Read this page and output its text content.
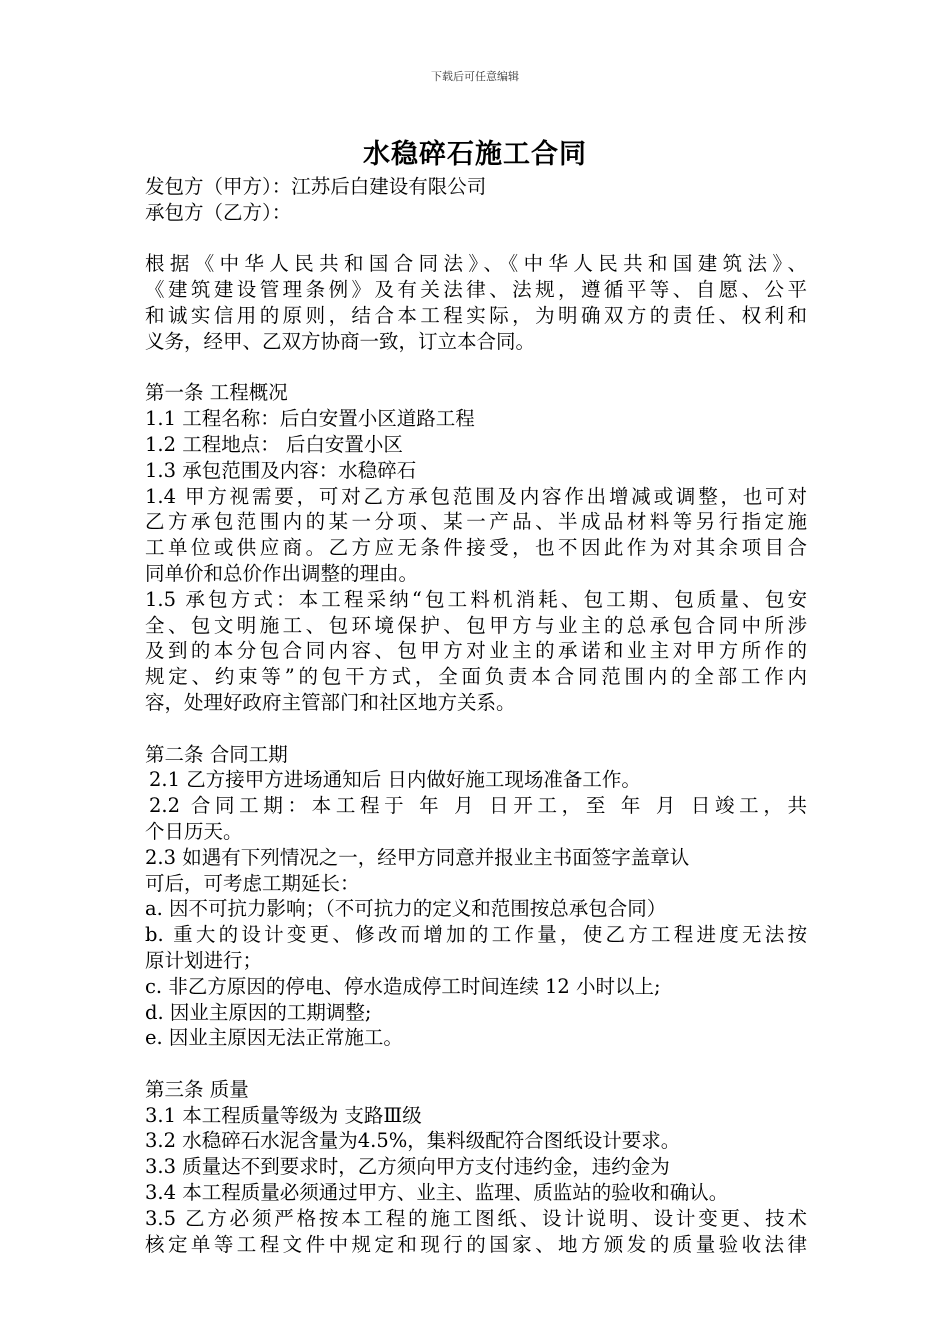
下载后可任意编辑
水稳碎石施工合同
发包方（甲方）：江苏后白建设有限公司
承包方（乙方）：
根据《中华人民共和国合同法》、《中华人民共和国建筑法》、
《建筑建设管理条例》及有关法律、法规，遵循平等、自愿、公平
和诚实信用的原则，结合本工程实际，为明确双方的责任、权利和
义务，经甲、乙双方协商一致，订立本合同。
第一条 工程概况
1.1 工程名称：后白安置小区道路工程
1.2 工程地点： 后白安置小区
1.3 承包范围及内容：水稳碎石
1.4 甲方视需要，可对乙方承包范围及内容作出增减或调整，也可对
乙方承包范围内的某一分项、某一产品、半成品材料等另行指定施
工单位或供应商。乙方应无条件接受，也不因此作为对其余项目合
同单价和总价作出调整的理由。
1.5 承包方式：本工程采纳“包工料机消耗、包工期、包质量、包安
全、包文明施工、包环境保护、包甲方与业主的总承包合同中所涉
及到的本分包合同内容、包甲方对业主的承诺和业主对甲方所作的
规定、约束等”的包干方式，全面负责本合同范围内的全部工作内
容，处理好政府主管部门和社区地方关系。
第二条 合同工期
2.1 乙方接甲方进场通知后 日内做好施工现场准备工作。
2.2 合同工期：本工程于 年 月 日开工，至 年 月 日竣工，共
个日历天。
2.3 如遇有下列情况之一，经甲方同意并报业主书面签字盖章认
可后，可考虑工期延长：
a. 因不可抗力影响；（不可抗力的定义和范围按总承包合同）
b. 重大的设计变更、修改而增加的工作量，使乙方工程进度无法按
原计划进行；
c. 非乙方原因的停电、停水造成停工时间连续 12 小时以上;
d. 因业主原因的工期调整;
e. 因业主原因无法正常施工。
第三条 质量
3.1 本工程质量等级为 支路Ⅲ级
3.2 水稳碎石水泥含量为4.5%，集料级配符合图纸设计要求。
3.3 质量达不到要求时，乙方须向甲方支付违约金，违约金为
3.4 本工程质量必须通过甲方、业主、监理、质监站的验收和确认。
3.5 乙方必须严格按本工程的施工图纸、设计说明、设计变更、技术
核定单等工程文件中规定和现行的国家、地方颁发的质量验收法律
